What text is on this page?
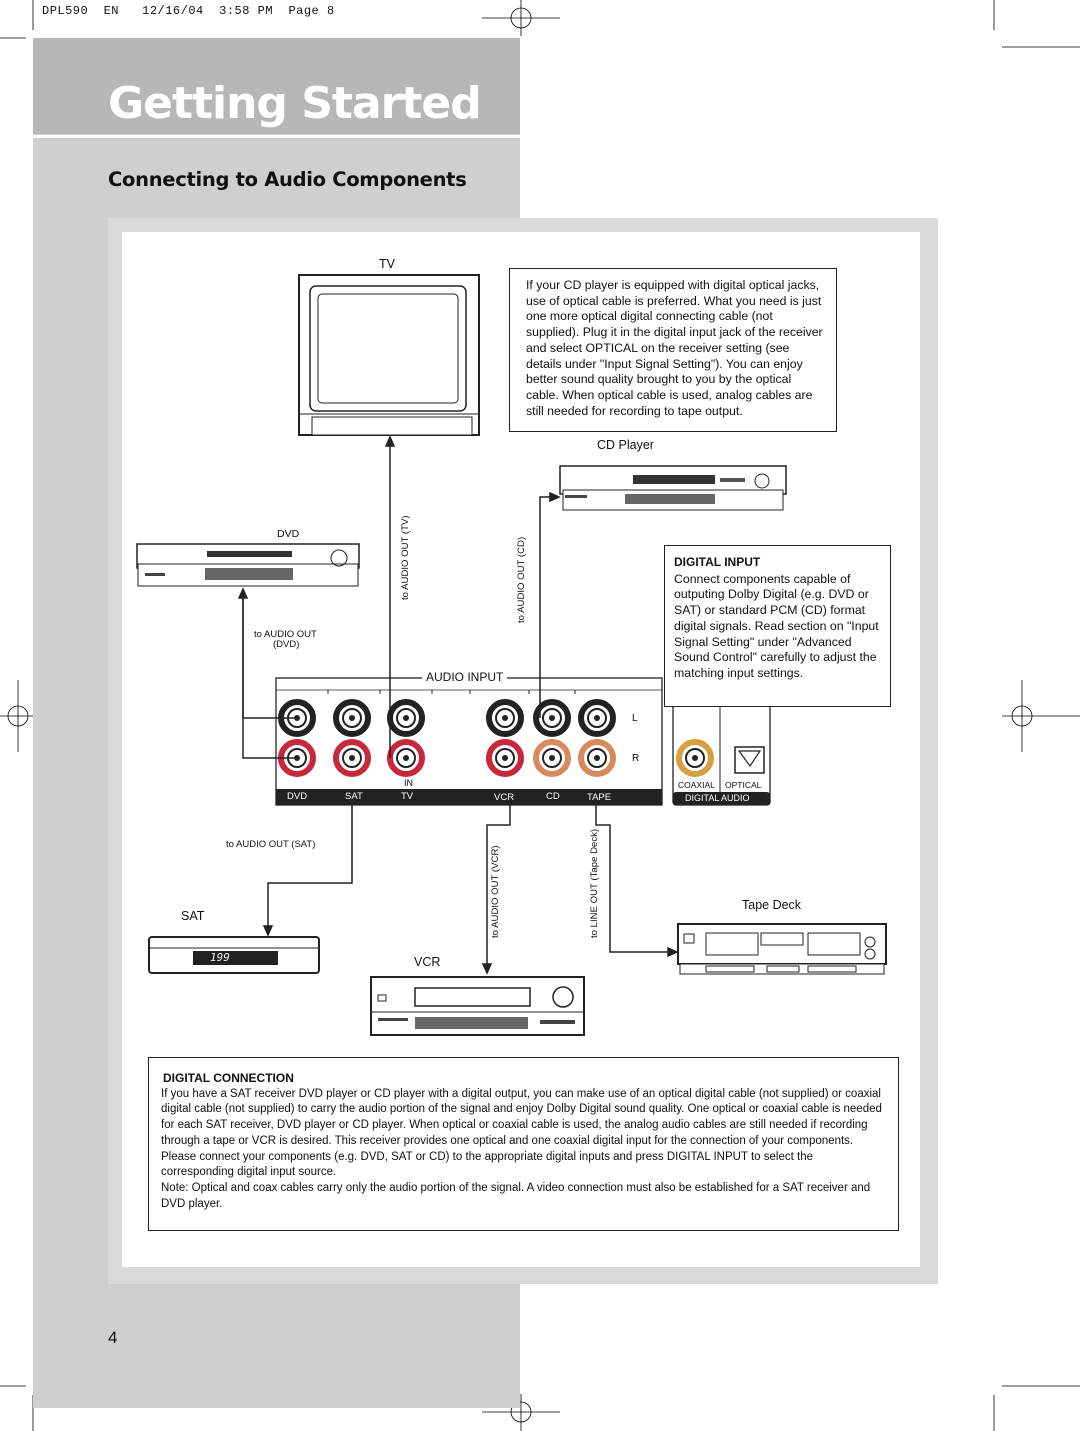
DPL590  EN   12/16/04  3:58 PM  Page 8
Getting Started
Connecting to Audio Components
TV
CD Player
DVD
SAT
VCR
Tape Deck
199
If your CD player is equipped with digital optical jacks, use of optical cable is preferred. What you need is just one more optical digital connecting cable (not supplied). Plug it in the digital input jack of the receiver and select OPTICAL on the receiver setting (see details under "Input Signal Setting"). You can enjoy better sound quality brought to you by the optical cable. When optical cable is used, analog cables are still needed for recording to tape output.
DIGITAL INPUT
Connect components capable of outputing Dolby Digital (e.g. DVD or SAT) or standard PCM (CD) format digital signals. Read section on "Input Signal Setting" under "Advanced Sound Control" carefully to adjust the matching input settings.
to AUDIO OUT (TV)	to AUDIO OUT (CD)
to AUDIO OUT
(DVD)
to AUDIO OUT (SAT)
to AUDIO OUT (VCR)	to LINE OUT (Tape Deck)
AUDIO INPUT
L
R
IN
DVD	SAT	TV	VCR	CD	TAPE
COAXIAL OPTICAL
DIGITAL AUDIO
DIGITAL CONNECTION
If you have a SAT receiver DVD player or CD player with a digital output, you can make use of an optical digital cable (not supplied) or coaxial digital cable (not supplied) to carry the audio portion of the signal and enjoy Dolby Digital sound quality. One optical or coaxial cable is needed for each SAT receiver, DVD player or CD player. When optical or coaxial cable is used, the analog audio cables are still needed if recording through a tape or VCR is desired. This receiver provides one optical and one coaxial digital input for the connection of your components. Please connect your components (e.g. DVD, SAT or CD) to the appropriate digital inputs and press DIGITAL INPUT to select the corresponding digital input source.
Note: Optical and coax cables carry only the audio portion of the signal. A video connection must also be established for a SAT receiver and DVD player.
4
